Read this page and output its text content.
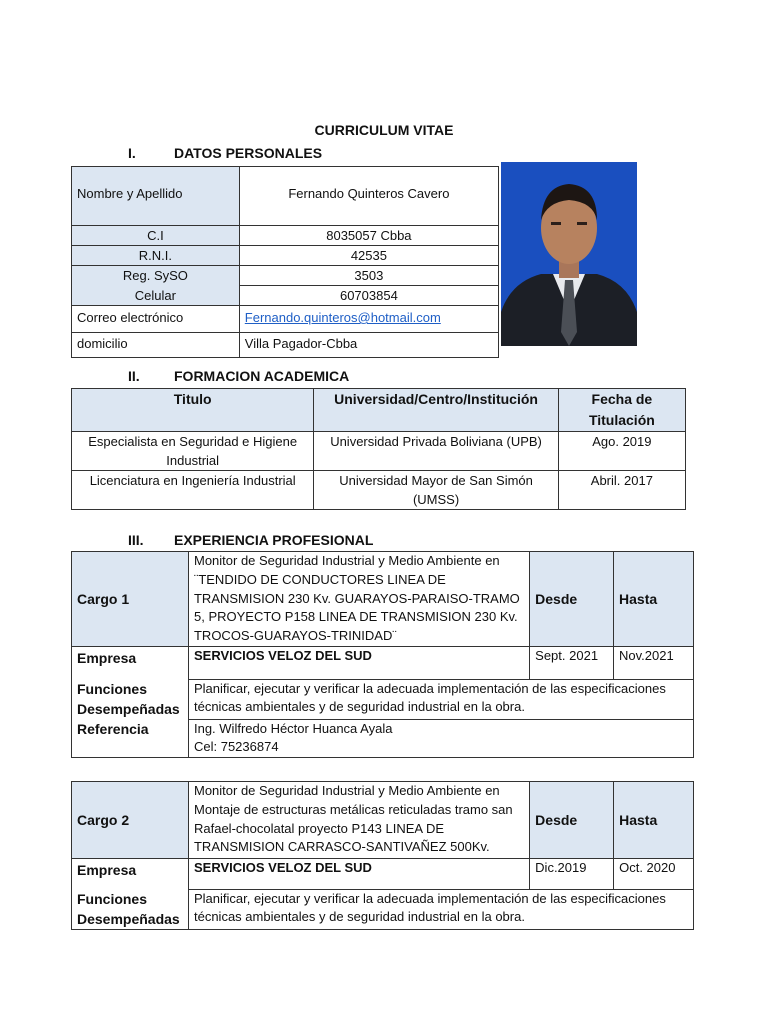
CURRICULUM VITAE
I.	DATOS PERSONALES
Nombre y Apellido	Fernando Quinteros Cavero
C.I	8035057 Cbba
R.N.I.	42535
Reg. SySO	3503
Celular	60703854
Correo electrónico	Fernando.quinteros@hotmail.com
domicilio	Villa Pagador-Cbba
II. FORMACION ACADEMICA
Titulo	Universidad/Centro/Institución	Fecha de Titulación
Especialista en Seguridad e Higiene Industrial	Universidad Privada Boliviana (UPB)	Ago. 2019
Licenciatura en Ingeniería Industrial	Universidad Mayor de San Simón (UMSS)	Abril. 2017
III. EXPERIENCIA PROFESIONAL
Cargo 1	Monitor de Seguridad Industrial y Medio Ambiente en ¨TENDIDO DE CONDUCTORES LINEA DE TRANSMISION 230 Kv. GUARAYOS-PARAISO-TRAMO 5, PROYECTO P158 LINEA DE TRANSMISION 230 Kv. TROCOS-GUARAYOS-TRINIDAD¨	Desde	Hasta
Empresa	SERVICIOS VELOZ DEL SUD	Sept. 2021	Nov.2021
Funciones Desempeñadas	Planificar, ejecutar y verificar la adecuada implementación de las especificaciones técnicas ambientales y de seguridad industrial en la obra.		
Referencia	Ing. Wilfredo Héctor Huanca Ayala
Cel: 75236874		
Cargo 2	Monitor de Seguridad Industrial y Medio Ambiente en Montaje de estructuras metálicas reticuladas tramo san Rafael-chocolatal proyecto P143 LINEA DE TRANSMISION CARRASCO-SANTIVAÑEZ 500Kv.	Desde	Hasta
Empresa	SERVICIOS VELOZ DEL SUD	Dic.2019	Oct. 2020
Funciones Desempeñadas	Planificar, ejecutar y verificar la adecuada implementación de las especificaciones técnicas ambientales y de seguridad industrial en la obra.		
